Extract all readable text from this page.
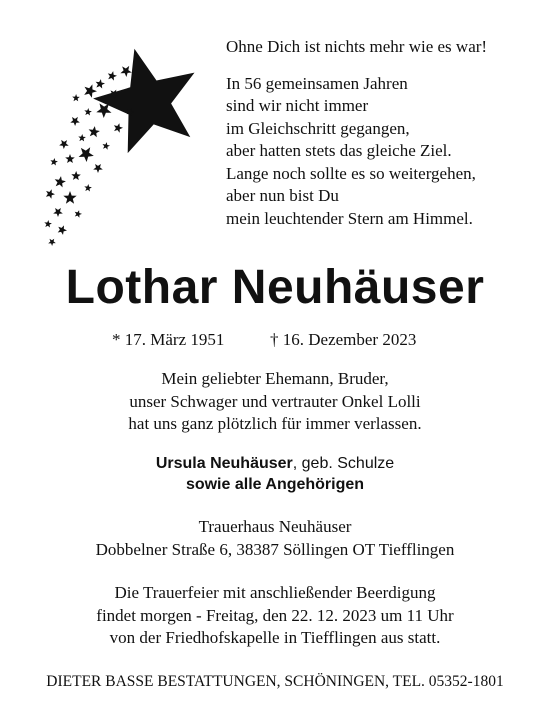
Ohne Dich ist nichts mehr wie es war!
In 56 gemeinsamen Jahren
sind wir nicht immer
im Gleichschritt gegangen,
aber hatten stets das gleiche Ziel.
Lange noch sollte es so weitergehen,
aber nun bist Du
mein leuchtender Stern am Himmel.
Lothar Neuhäuser
* 17. März 1951	† 16. Dezember 2023
Mein geliebter Ehemann, Bruder,
unser Schwager und vertrauter Onkel Lolli
hat uns ganz plötzlich für immer verlassen.
Ursula Neuhäuser, geb. Schulze
sowie alle Angehörigen
Trauerhaus Neuhäuser
Dobbelner Straße 6, 38387 Söllingen OT Tiefflingen
Die Trauerfeier mit anschließender Beerdigung
findet morgen - Freitag, den 22. 12. 2023 um 11 Uhr
von der Friedhofskapelle in Tiefflingen aus statt.
DIETER BASSE BESTATTUNGEN, SCHÖNINGEN, TEL. 05352-1801
